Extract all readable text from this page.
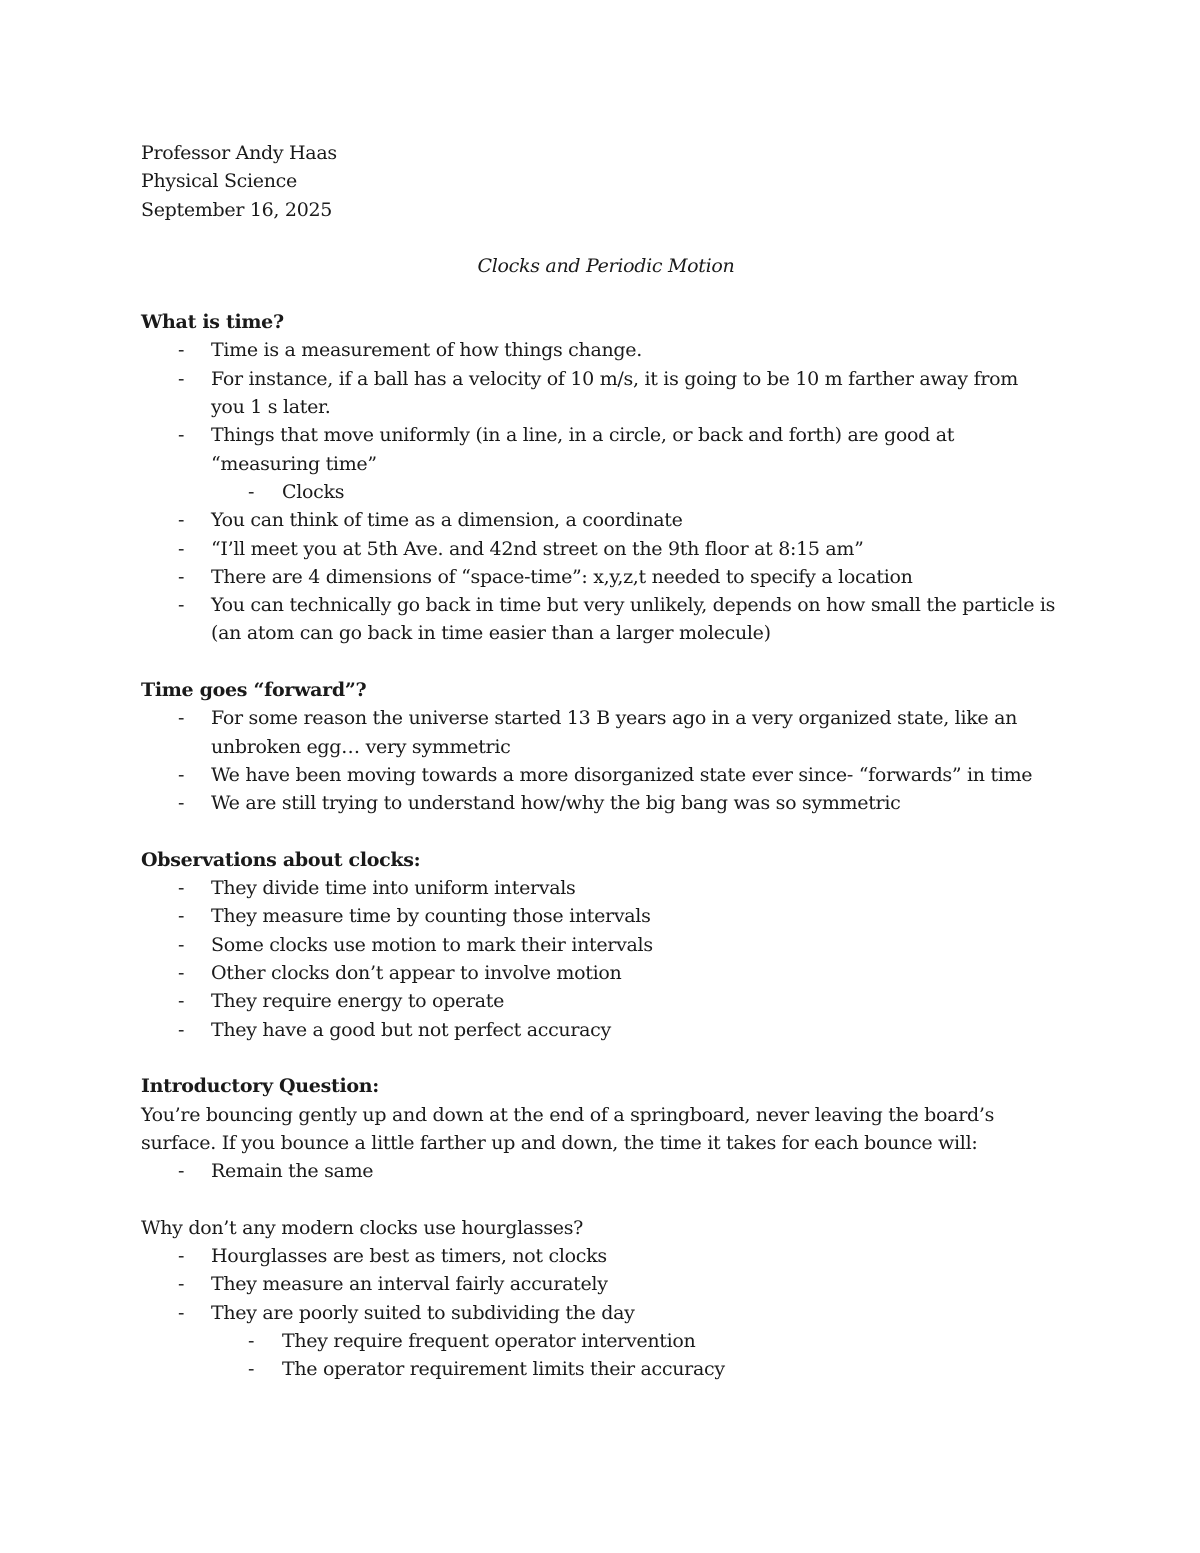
Professor Andy Haas
Physical Science
September 16, 2025
Clocks and Periodic Motion
What is time?
- Time is a measurement of how things change.
- For instance, if a ball has a velocity of 10 m/s, it is going to be 10 m farther away from you 1 s later.
- Things that move uniformly (in a line, in a circle, or back and forth) are good at “measuring time”
- Clocks
- You can think of time as a dimension, a coordinate
- “I’ll meet you at 5th Ave. and 42nd street on the 9th floor at 8:15 am”
- There are 4 dimensions of “space-time”: x,y,z,t needed to specify a location
- You can technically go back in time but very unlikely, depends on how small the particle is (an atom can go back in time easier than a larger molecule)
Time goes “forward”?
- For some reason the universe started 13 B years ago in a very organized state, like an unbroken egg… very symmetric
- We have been moving towards a more disorganized state ever since- “forwards” in time
- We are still trying to understand how/why the big bang was so symmetric
Observations about clocks:
- They divide time into uniform intervals
- They measure time by counting those intervals
- Some clocks use motion to mark their intervals
- Other clocks don’t appear to involve motion
- They require energy to operate
- They have a good but not perfect accuracy
Introductory Question:
You’re bouncing gently up and down at the end of a springboard, never leaving the board’s surface. If you bounce a little farther up and down, the time it takes for each bounce will:
- Remain the same
Why don’t any modern clocks use hourglasses?
- Hourglasses are best as timers, not clocks
- They measure an interval fairly accurately
- They are poorly suited to subdividing the day
- They require frequent operator intervention
- The operator requirement limits their accuracy
